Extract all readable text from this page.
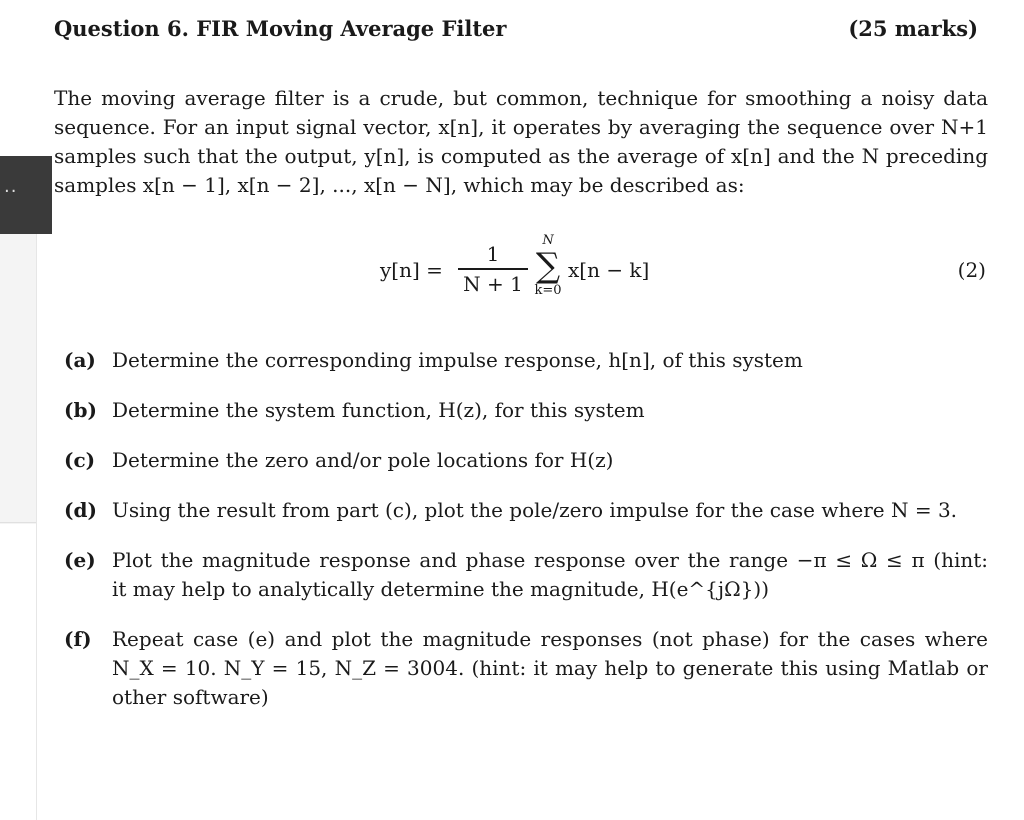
..
Question 6. FIR Moving Average Filter	(25 marks)
The moving average filter is a crude, but common, technique for smoothing a noisy data
sequence. For an input signal vector, x[n], it operates by averaging the sequence over N+1
samples such that the output, y[n], is computed as the average of x[n] and the N preceding
samples x[n − 1], x[n − 2], ..., x[n − N], which may be described as:
y[n] =
1
N + 1
N
∑
k=0
x[n − k]	(2)
(a) Determine the corresponding impulse response, h[n], of this system
(b) Determine the system function, H(z), for this system
(c) Determine the zero and/or pole locations for H(z)
(d) Using the result from part (c), plot the pole/zero impulse for the case where N = 3.
(e) Plot the magnitude response and phase response over the range −π ≤ Ω ≤ π (hint:
it may help to analytically determine the magnitude, H(e^{jΩ}))
(f) Repeat case (e) and plot the magnitude responses (not phase) for the cases where
N_X = 10. N_Y = 15, N_Z = 3004. (hint: it may help to generate this using Matlab or
other software)
